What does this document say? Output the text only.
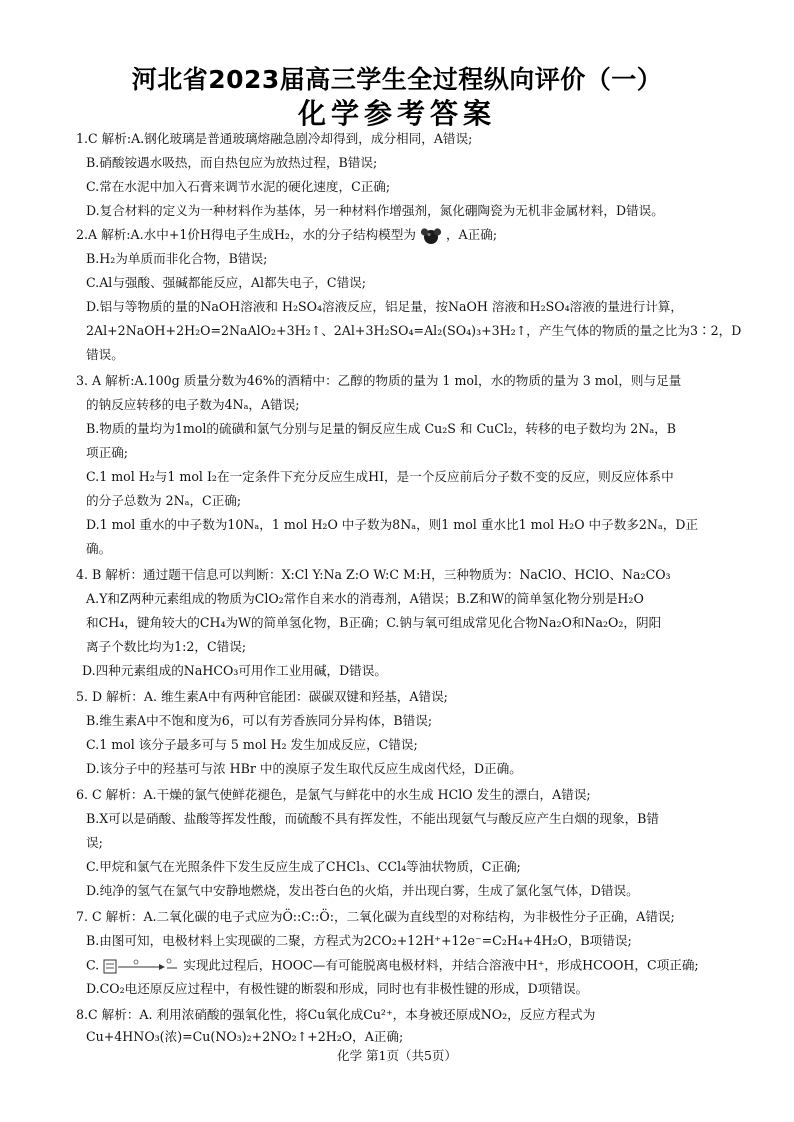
河北省2023届高三学生全过程纵向评价（一）
化学参考答案
1.C 解析:A.钢化玻璃是普通玻璃熔融急剧冷却得到，成分相同，A错误;
B.硝酸铵遇水吸热，而自热包应为放热过程，B错误;
C.常在水泥中加入石膏来调节水泥的硬化速度，C正确;
D.复合材料的定义为一种材料作为基体，另一种材料作增强剂，氮化硼陶瓷为无机非金属材料，D错误。
2.A 解析:A.水中+1价H得电子生成H₂，水的分子结构模型为 ，A正确;
B.H₂为单质而非化合物，B错误;
C.Al与强酸、强碱都能反应，Al都失电子，C错误;
D.铝与等物质的量的NaOH溶液和 H₂SO₄溶液反应，铝足量，按NaOH 溶液和H₂SO₄溶液的量进行计算，
2Al+2NaOH+2H₂O=2NaAlO₂+3H₂↑、2Al+3H₂SO₄=Al₂(SO₄)₃+3H₂↑，产生气体的物质的量之比为3∶2，D
错误。
3. A 解析:A.100g 质量分数为46%的酒精中：乙醇的物质的量为 1 mol，水的物质的量为 3 mol，则与足量
的钠反应转移的电子数为4Nₐ，A错误;
B.物质的量均为1mol的硫磺和氯气分别与足量的铜反应生成 Cu₂S 和 CuCl₂，转移的电子数均为 2Nₐ，B
项正确;
C.1 mol H₂与1 mol I₂在一定条件下充分反应生成HI，是一个反应前后分子数不变的反应，则反应体系中
的分子总数为 2Nₐ，C正确;
D.1 mol 重水的中子数为10Nₐ，1 mol H₂O 中子数为8Nₐ，则1 mol 重水比1 mol H₂O 中子数多2Nₐ，D正
确。
4. B 解析：通过题干信息可以判断：X:Cl Y:Na Z:O W:C M:H，三种物质为：NaClO、HClO、Na₂CO₃
A.Y和Z两种元素组成的物质为ClO₂常作自来水的消毒剂，A错误；B.Z和W的简单氢化物分别是H₂O
和CH₄，键角较大的CH₄为W的简单氢化物，B正确；C.钠与氧可组成常见化合物Na₂O和Na₂O₂，阴阳
离子个数比均为1:2，C错误;
D.四种元素组成的NaHCO₃可用作工业用碱，D错误。
5. D 解析：A. 维生素A中有两种官能团：碳碳双键和羟基，A错误;
B.维生素A中不饱和度为6，可以有芳香族同分异构体，B错误;
C.1 mol 该分子最多可与 5 mol H₂ 发生加成反应，C错误;
D.该分子中的羟基可与浓 HBr 中的溴原子发生取代反应生成卤代烃，D正确。
6. C 解析：A.干燥的氯气使鲜花褪色，是氯气与鲜花中的水生成 HClO 发生的漂白，A错误;
B.X可以是硝酸、盐酸等挥发性酸，而硫酸不具有挥发性，不能出现氨气与酸反应产生白烟的现象，B错
误;
C.甲烷和氯气在光照条件下发生反应生成了CHCl₃、CCl₄等油状物质，C正确;
D.纯净的氢气在氯气中安静地燃烧，发出苍白色的火焰，并出现白雾，生成了氯化氢气体，D错误。
7. C 解析：A.二氧化碳的电子式应为Ö::C::Ö:，二氧化碳为直线型的对称结构，为非极性分子正确，A错误;
B.由图可知，电极材料上实现碳的二聚，方程式为2CO₂+12H⁺+12e⁻=C₂H₄+4H₂O，B项错误;
C.	实现此过程后，HOOC—有可能脱离电极材料，并结合溶液中H⁺，形成HCOOH，C项正确;
D.CO₂电还原反应过程中，有极性键的断裂和形成，同时也有非极性键的形成，D项错误。
8.C 解析：A. 利用浓硝酸的强氧化性，将Cu氧化成Cu²⁺，本身被还原成NO₂，反应方程式为
Cu+4HNO₃(浓)=Cu(NO₃)₂+2NO₂↑+2H₂O，A正确;
化学 第1页（共5页）
